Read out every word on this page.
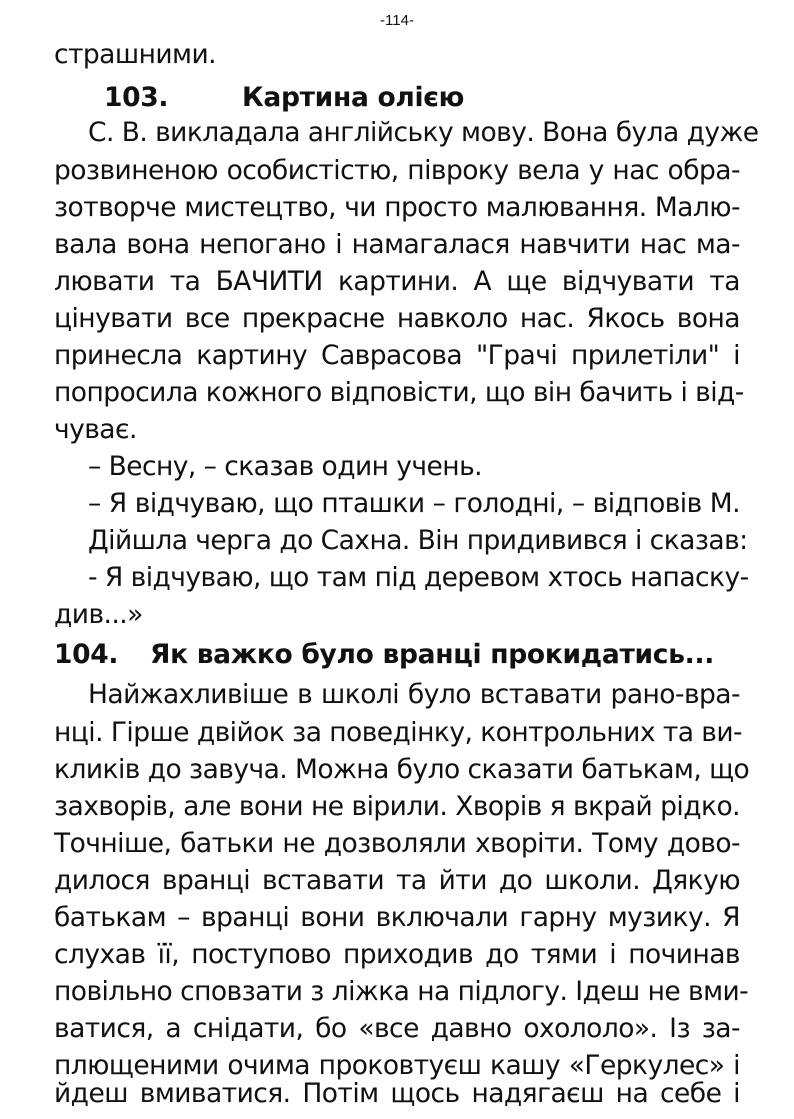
-114-
страшними.
103.	Картина олією
С. В. викладала англійську мову. Вона була дуже
розвиненою особистістю, півроку вела у нас обра-
зотворче мистецтво, чи просто малювання. Малю-
вала вона непогано і намагалася навчити нас ма-
лювати та БАЧИТИ картини. А ще відчувати та
цінувати все прекрасне навколо нас. Якось вона
принесла картину Саврасова "Грачі прилетіли" і
попросила кожного відповісти, що він бачить і від-
чуває.
– Весну, – сказав один учень.
– Я відчуваю, що пташки – голодні, – відповів М.
Дійшла черга до Сахна. Він придивився і сказав:
- Я відчуваю, що там під деревом хтось напаску-
див...»
104. Як важко було вранці прокидатись...
Найжахливіше в школі було вставати рано-вра-
нці. Гірше двійок за поведінку, контрольних та ви-
кликів до завуча. Можна було сказати батькам, що
захворів, але вони не вірили. Хворів я вкрай рідко.
Точніше, батьки не дозволяли хворіти. Тому дово-
дилося вранці вставати та йти до школи. Дякую
батькам – вранці вони включали гарну музику. Я
слухав її, поступово приходив до тями і починав
повільно сповзати з ліжка на підлогу. Ідеш не вми-
ватися, а снідати, бо «все давно охололо». Із за-
плющеними очима проковтуєш кашу «Геркулес» і
йдеш вмиватися. Потім щось надягаєш на себе і
